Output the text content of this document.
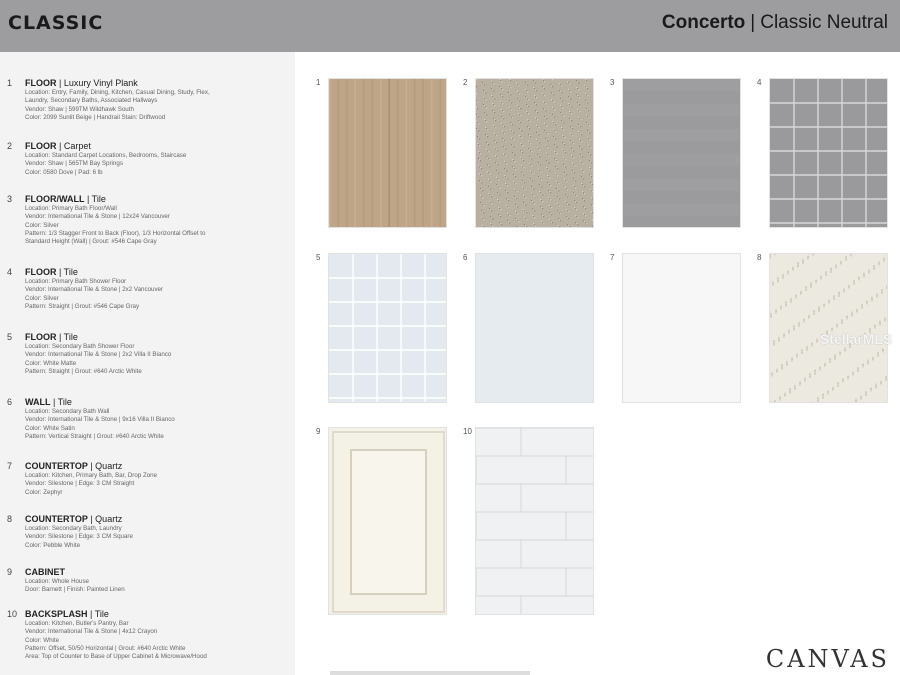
CLASSIC	Concerto | Classic Neutral
1	FLOOR | Luxury Vinyl Plank
Location: Entry, Family, Dining, Kitchen, Casual Dining, Study, Flex,
Laundry, Secondary Baths, Associated Hallways
Vendor: Shaw | 599TM Wildhawk South
Color: 2099 Sunlit Beige | Handrail Stain: Driftwood
2	FLOOR | Carpet
Location: Standard Carpet Locations, Bedrooms, Staircase
Vendor: Shaw | 565TM Bay Springs
Color: 0580 Dove | Pad: 6 lb
3	FLOOR/WALL | Tile
Location: Primary Bath Floor/Wall
Vendor: International Tile & Stone | 12x24 Vancouver
Color: Silver
Pattern: 1/3 Stagger Front to Back (Floor), 1/3 Horizontal Offset to
Standard Height (Wall) | Grout: #546 Cape Gray
4	FLOOR | Tile
Location: Primary Bath Shower Floor
Vendor: International Tile & Stone | 2x2 Vancouver
Color: Silver
Pattern: Straight | Grout: #546 Cape Gray
5	FLOOR | Tile
Location: Secondary Bath Shower Floor
Vendor: International Tile & Stone | 2x2 Villa II Bianco
Color: White Matte
Pattern: Straight | Grout: #640 Arctic White
6	WALL | Tile
Location: Secondary Bath Wall
Vendor: International Tile & Stone | 9x16 Villa II Bianco
Color: White Satin
Pattern: Vertical Straight | Grout: #640 Arctic White
7	COUNTERTOP | Quartz
Location: Kitchen, Primary Bath, Bar, Drop Zone
Vendor: Silestone | Edge: 3 CM Straight
Color: Zephyr
8	COUNTERTOP | Quartz
Location: Secondary Bath, Laundry
Vendor: Silestone | Edge: 3 CM Square
Color: Pebble White
9	CABINET
Location: Whole House
Door: Barnett | Finish: Painted Linen
10 BACKSPLASH | Tile
Location: Kitchen, Butler's Pantry, Bar
Vendor: International Tile & Stone | 4x12 Crayon
Color: White
Pattern: Offset, 50/50 Horizontal | Grout: #640 Arctic White
Area: Top of Counter to Base of Upper Cabinet & Microwave/Hood	CANVAS
1	2	3	4
5	6	7	8
9	10
StellarMLS
